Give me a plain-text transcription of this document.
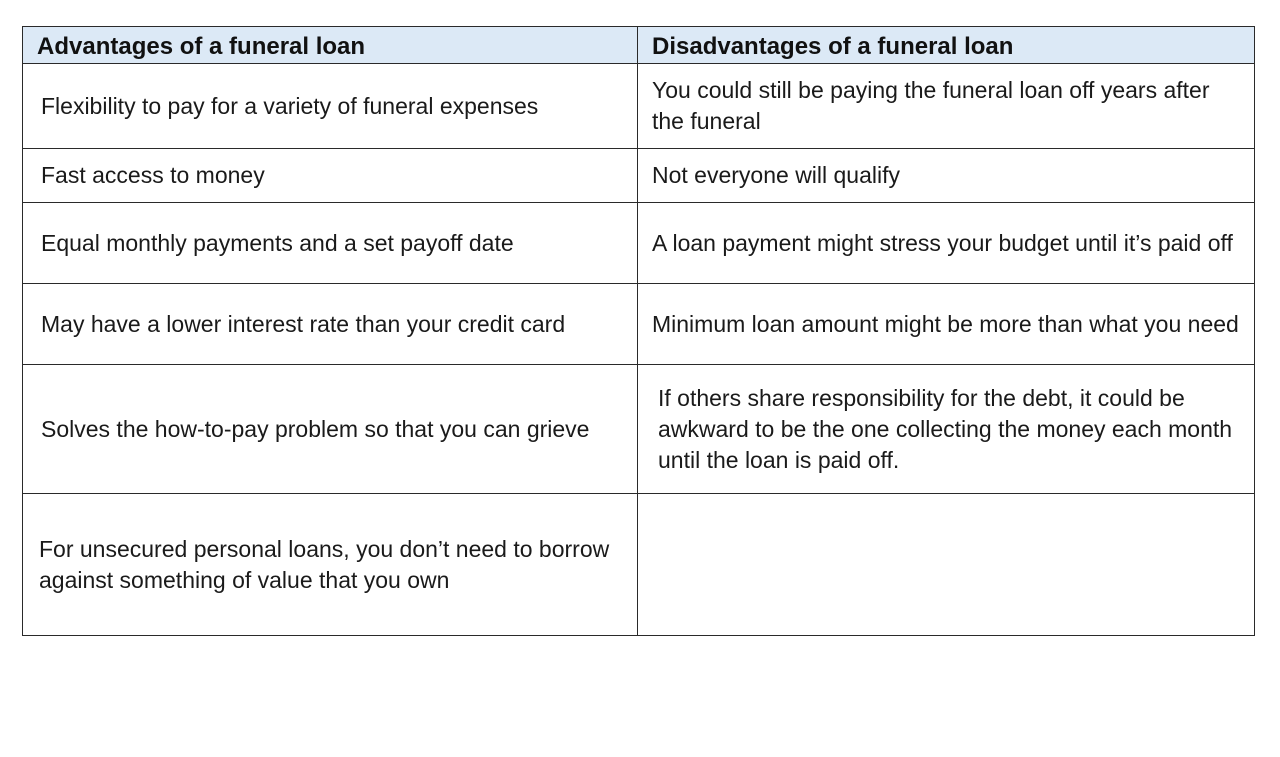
Advantages of a funeral loan	Disadvantages of a funeral loan
Flexibility to pay for a variety of funeral expenses	You could still be paying the funeral loan off years after the funeral
Fast access to money	Not everyone will qualify
Equal monthly payments and a set payoff date	A loan payment might stress your budget until it’s paid off
May have a lower interest rate than your credit card	Minimum loan amount might be more than what you need
Solves the how-to-pay problem so that you can grieve	If others share responsibility for the debt, it could be awkward to be the one collecting the money each month until the loan is paid off.
For unsecured personal loans, you don’t need to borrow against something of value that you own	
